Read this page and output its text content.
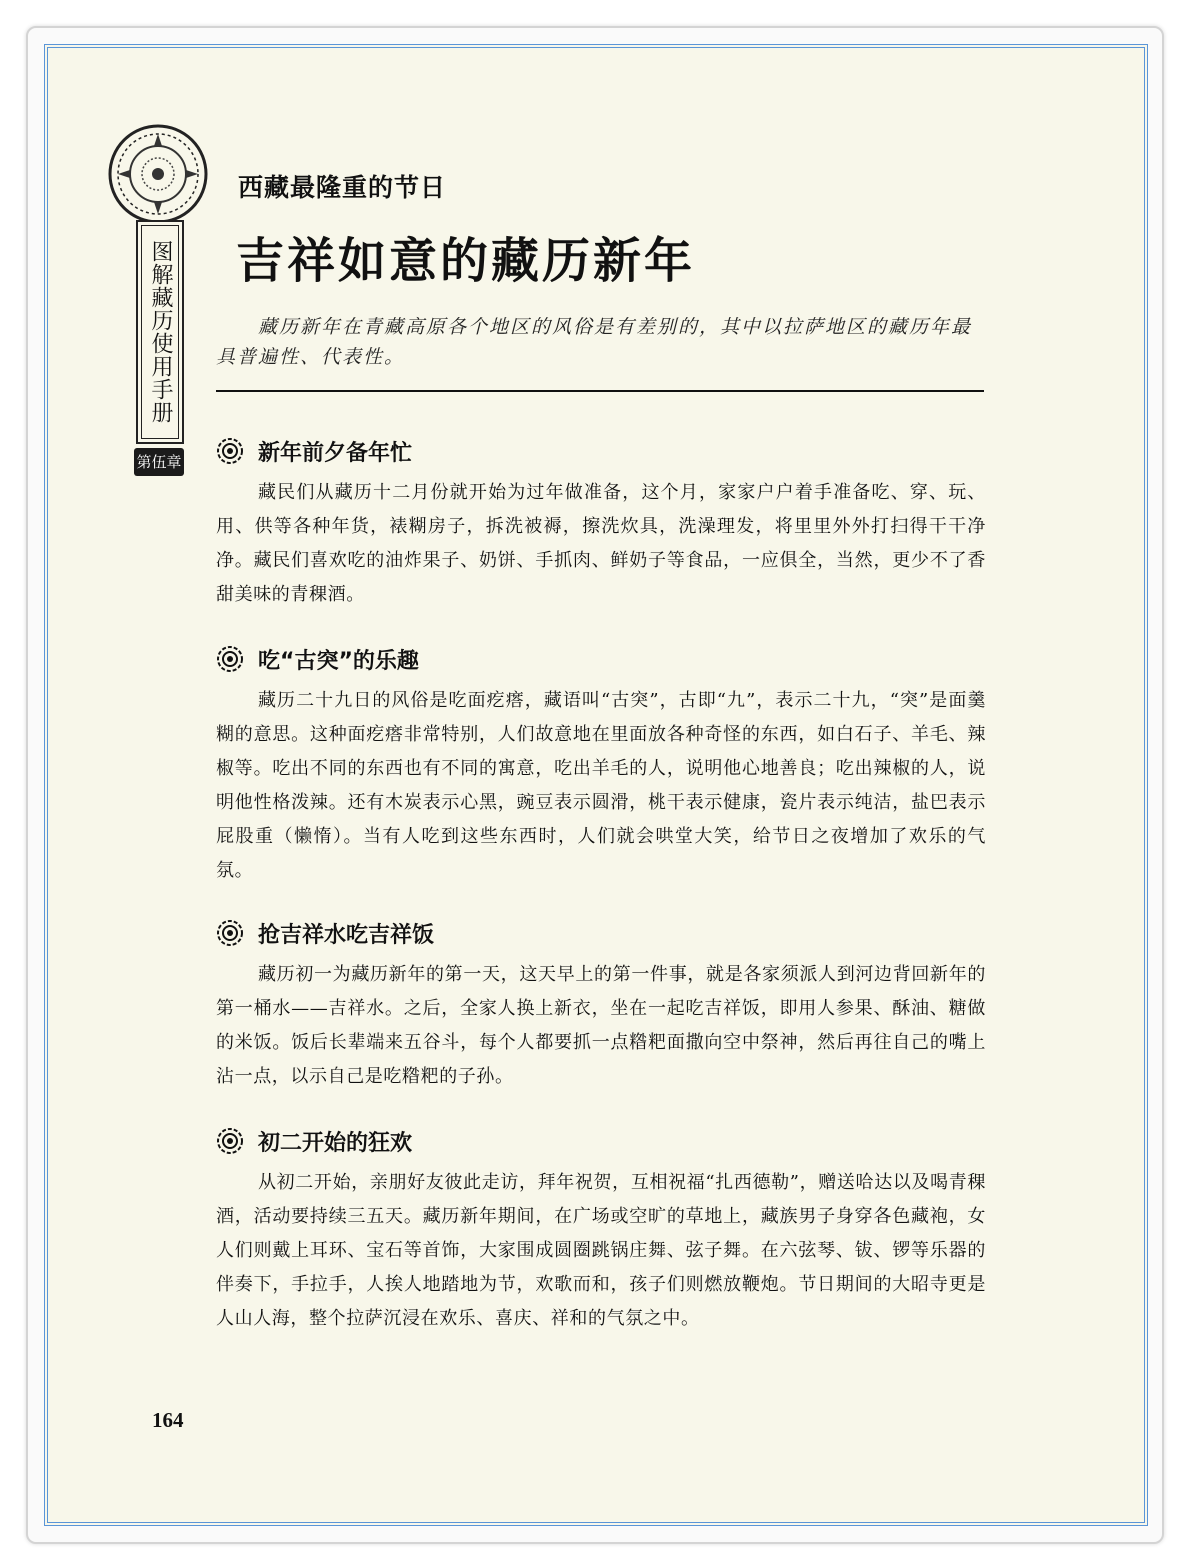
图解藏历使用手册
第伍章
西藏最隆重的节日
吉祥如意的藏历新年

藏历新年在青藏高原各个地区的风俗是有差别的，其中以拉萨地区的藏历年最具普遍性、代表性。

新年前夕备年忙

藏民们从藏历十二月份就开始为过年做准备，这个月，家家户户着手准备吃、穿、玩、用、供等各种年货，裱糊房子，拆洗被褥，擦洗炊具，洗澡理发，将里里外外打扫得干干净净。藏民们喜欢吃的油炸果子、奶饼、手抓肉、鲜奶子等食品，一应俱全，当然，更少不了香甜美味的青稞酒。

吃“古突”的乐趣

藏历二十九日的风俗是吃面疙瘩，藏语叫“古突”，古即“九”，表示二十九，“突”是面羹糊的意思。这种面疙瘩非常特别，人们故意地在里面放各种奇怪的东西，如白石子、羊毛、辣椒等。吃出不同的东西也有不同的寓意，吃出羊毛的人，说明他心地善良；吃出辣椒的人，说明他性格泼辣。还有木炭表示心黑，豌豆表示圆滑，桃干表示健康，瓷片表示纯洁，盐巴表示屁股重（懒惰）。当有人吃到这些东西时，人们就会哄堂大笑，给节日之夜增加了欢乐的气氛。

抢吉祥水吃吉祥饭

藏历初一为藏历新年的第一天，这天早上的第一件事，就是各家须派人到河边背回新年的第一桶水——吉祥水。之后，全家人换上新衣，坐在一起吃吉祥饭，即用人参果、酥油、糖做的米饭。饭后长辈端来五谷斗，每个人都要抓一点糌粑面撒向空中祭神，然后再往自己的嘴上沾一点，以示自己是吃糌粑的子孙。

初二开始的狂欢

从初二开始，亲朋好友彼此走访，拜年祝贺，互相祝福“扎西德勒”，赠送哈达以及喝青稞酒，活动要持续三五天。藏历新年期间，在广场或空旷的草地上，藏族男子身穿各色藏袍，女人们则戴上耳环、宝石等首饰，大家围成圆圈跳锅庄舞、弦子舞。在六弦琴、钹、锣等乐器的伴奏下，手拉手，人挨人地踏地为节，欢歌而和，孩子们则燃放鞭炮。节日期间的大昭寺更是人山人海，整个拉萨沉浸在欢乐、喜庆、祥和的气氛之中。

164
